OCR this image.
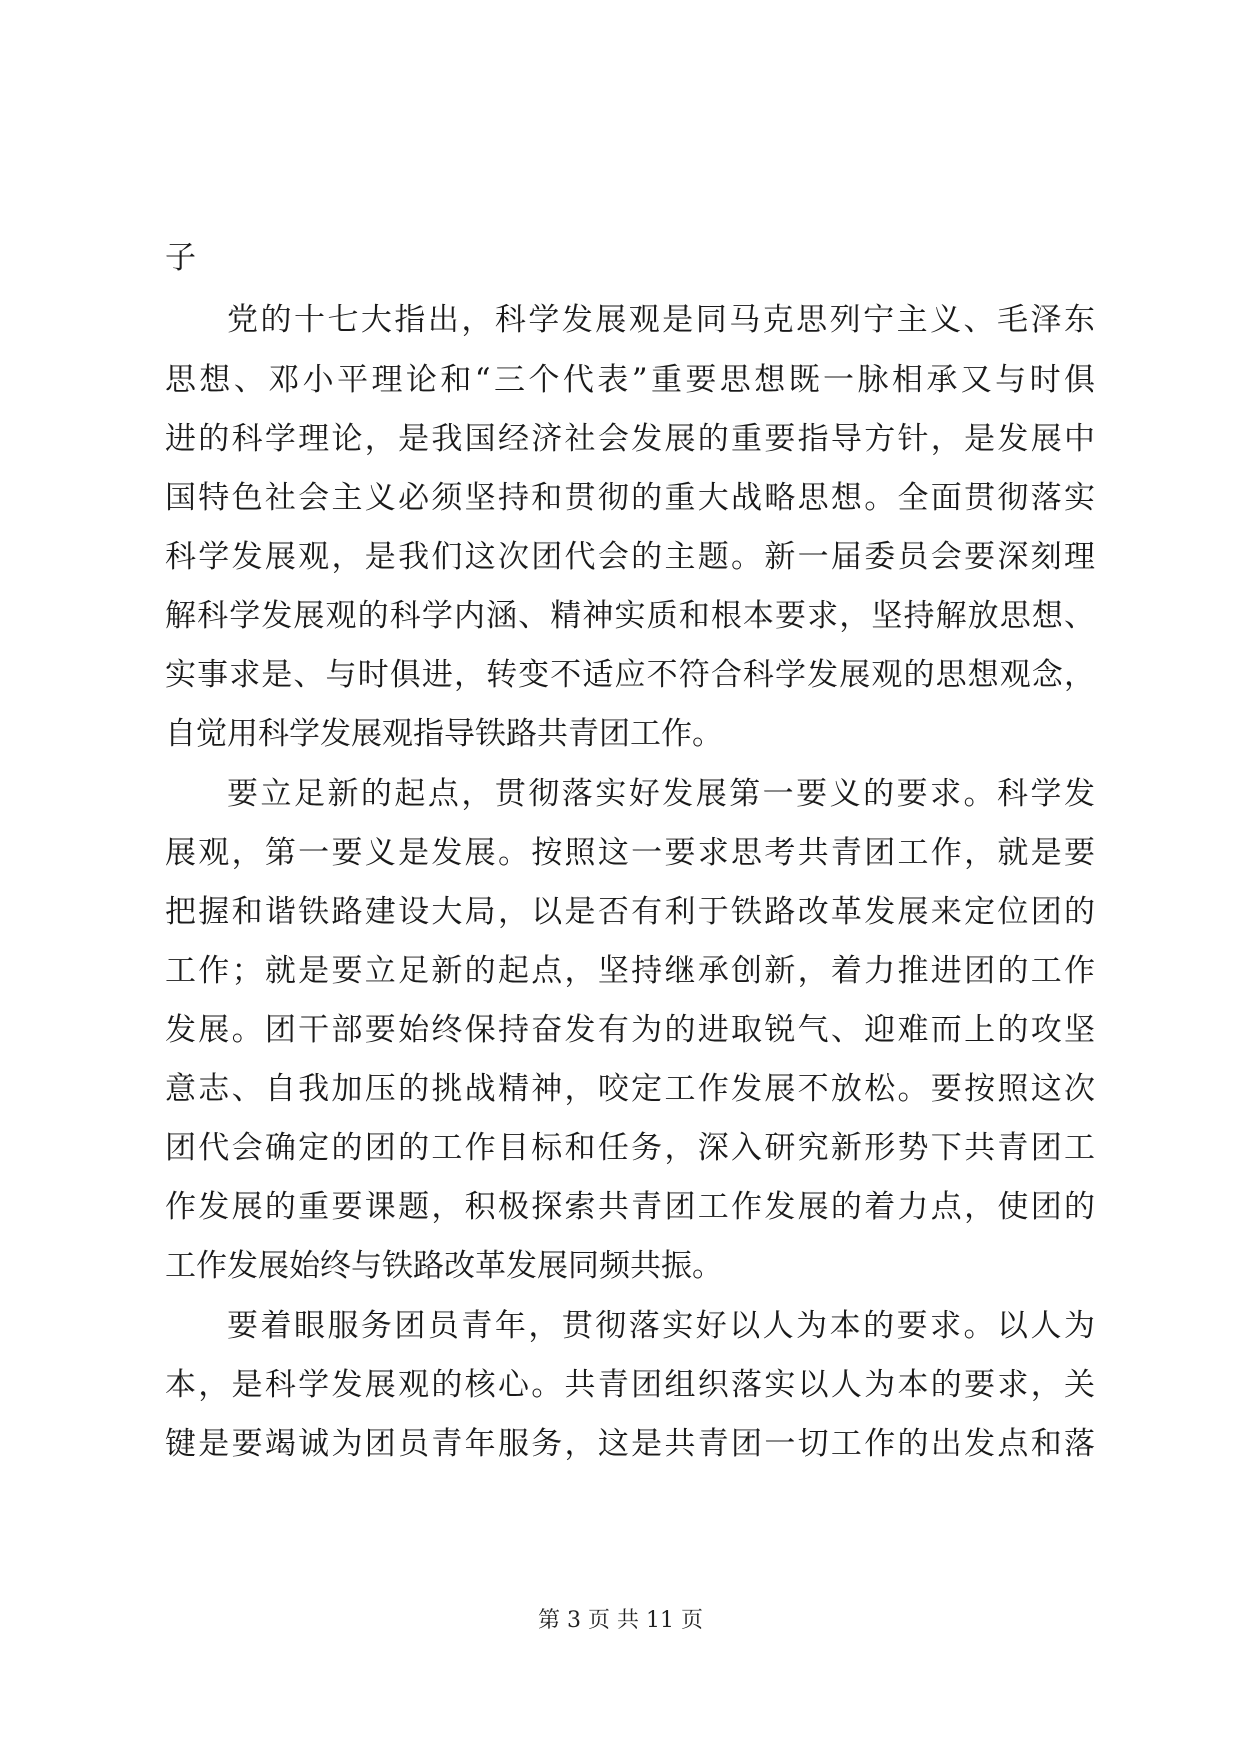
子
党的十七大指出，科学发展观是同马克思列宁主义、毛泽东
思想、邓小平理论和“三个代表”重要思想既一脉相承又与时俱
进的科学理论，是我国经济社会发展的重要指导方针，是发展中
国特色社会主义必须坚持和贯彻的重大战略思想。全面贯彻落实
科学发展观，是我们这次团代会的主题。新一届委员会要深刻理
解科学发展观的科学内涵、精神实质和根本要求，坚持解放思想、
实事求是、与时俱进，转变不适应不符合科学发展观的思想观念，
自觉用科学发展观指导铁路共青团工作。
要立足新的起点，贯彻落实好发展第一要义的要求。科学发
展观，第一要义是发展。按照这一要求思考共青团工作，就是要
把握和谐铁路建设大局，以是否有利于铁路改革发展来定位团的
工作；就是要立足新的起点，坚持继承创新，着力推进团的工作
发展。团干部要始终保持奋发有为的进取锐气、迎难而上的攻坚
意志、自我加压的挑战精神，咬定工作发展不放松。要按照这次
团代会确定的团的工作目标和任务，深入研究新形势下共青团工
作发展的重要课题，积极探索共青团工作发展的着力点，使团的
工作发展始终与铁路改革发展同频共振。
要着眼服务团员青年，贯彻落实好以人为本的要求。以人为
本，是科学发展观的核心。共青团组织落实以人为本的要求，关
键是要竭诚为团员青年服务，这是共青团一切工作的出发点和落
第 3 页 共 11 页
